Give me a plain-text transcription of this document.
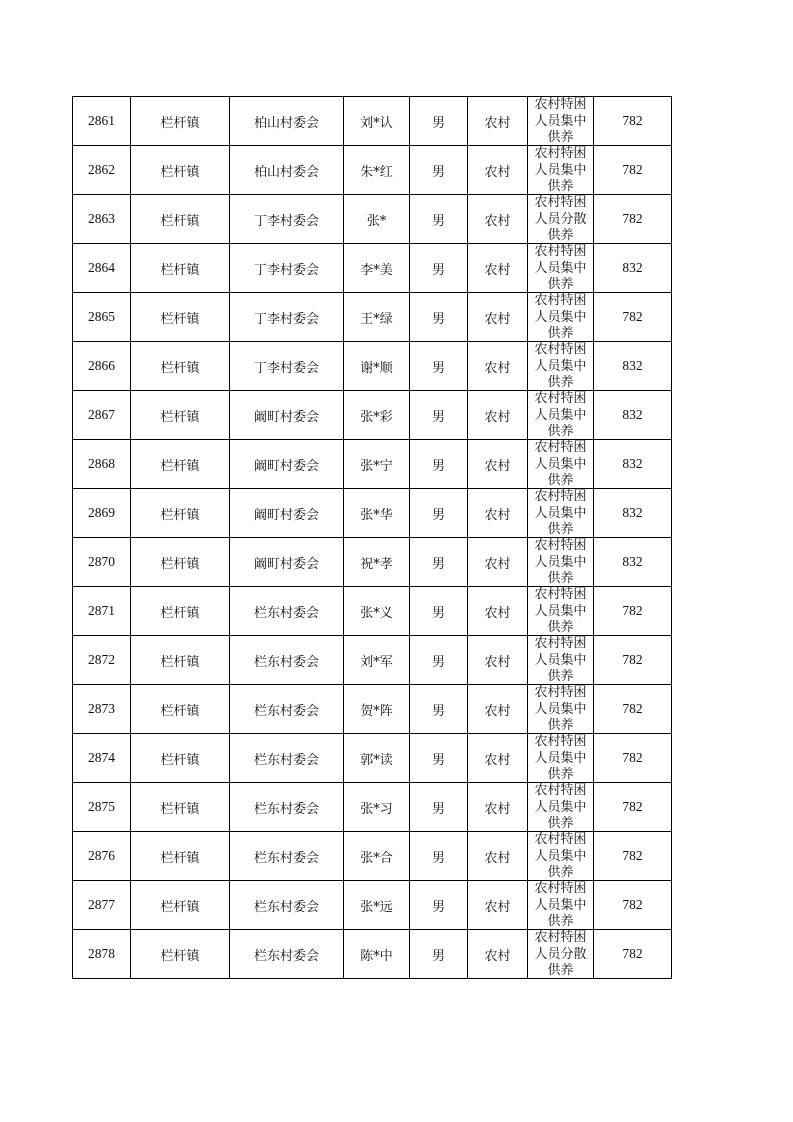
2861	栏杆镇	柏山村委会	刘*认	男	农村	农村特困人员集中供养	782
2862	栏杆镇	柏山村委会	朱*红	男	农村	农村特困人员集中供养	782
2863	栏杆镇	丁李村委会	张*	男	农村	农村特困人员分散供养	782
2864	栏杆镇	丁李村委会	李*美	男	农村	农村特困人员集中供养	832
2865	栏杆镇	丁李村委会	王*绿	男	农村	农村特困人员集中供养	782
2866	栏杆镇	丁李村委会	谢*顺	男	农村	农村特困人员集中供养	832
2867	栏杆镇	阚町村委会	张*彩	男	农村	农村特困人员集中供养	832
2868	栏杆镇	阚町村委会	张*宁	男	农村	农村特困人员集中供养	832
2869	栏杆镇	阚町村委会	张*华	男	农村	农村特困人员集中供养	832
2870	栏杆镇	阚町村委会	祝*孝	男	农村	农村特困人员集中供养	832
2871	栏杆镇	栏东村委会	张*义	男	农村	农村特困人员集中供养	782
2872	栏杆镇	栏东村委会	刘*军	男	农村	农村特困人员集中供养	782
2873	栏杆镇	栏东村委会	贺*阵	男	农村	农村特困人员集中供养	782
2874	栏杆镇	栏东村委会	郭*读	男	农村	农村特困人员集中供养	782
2875	栏杆镇	栏东村委会	张*习	男	农村	农村特困人员集中供养	782
2876	栏杆镇	栏东村委会	张*合	男	农村	农村特困人员集中供养	782
2877	栏杆镇	栏东村委会	张*远	男	农村	农村特困人员集中供养	782
2878	栏杆镇	栏东村委会	陈*中	男	农村	农村特困人员分散供养	782
